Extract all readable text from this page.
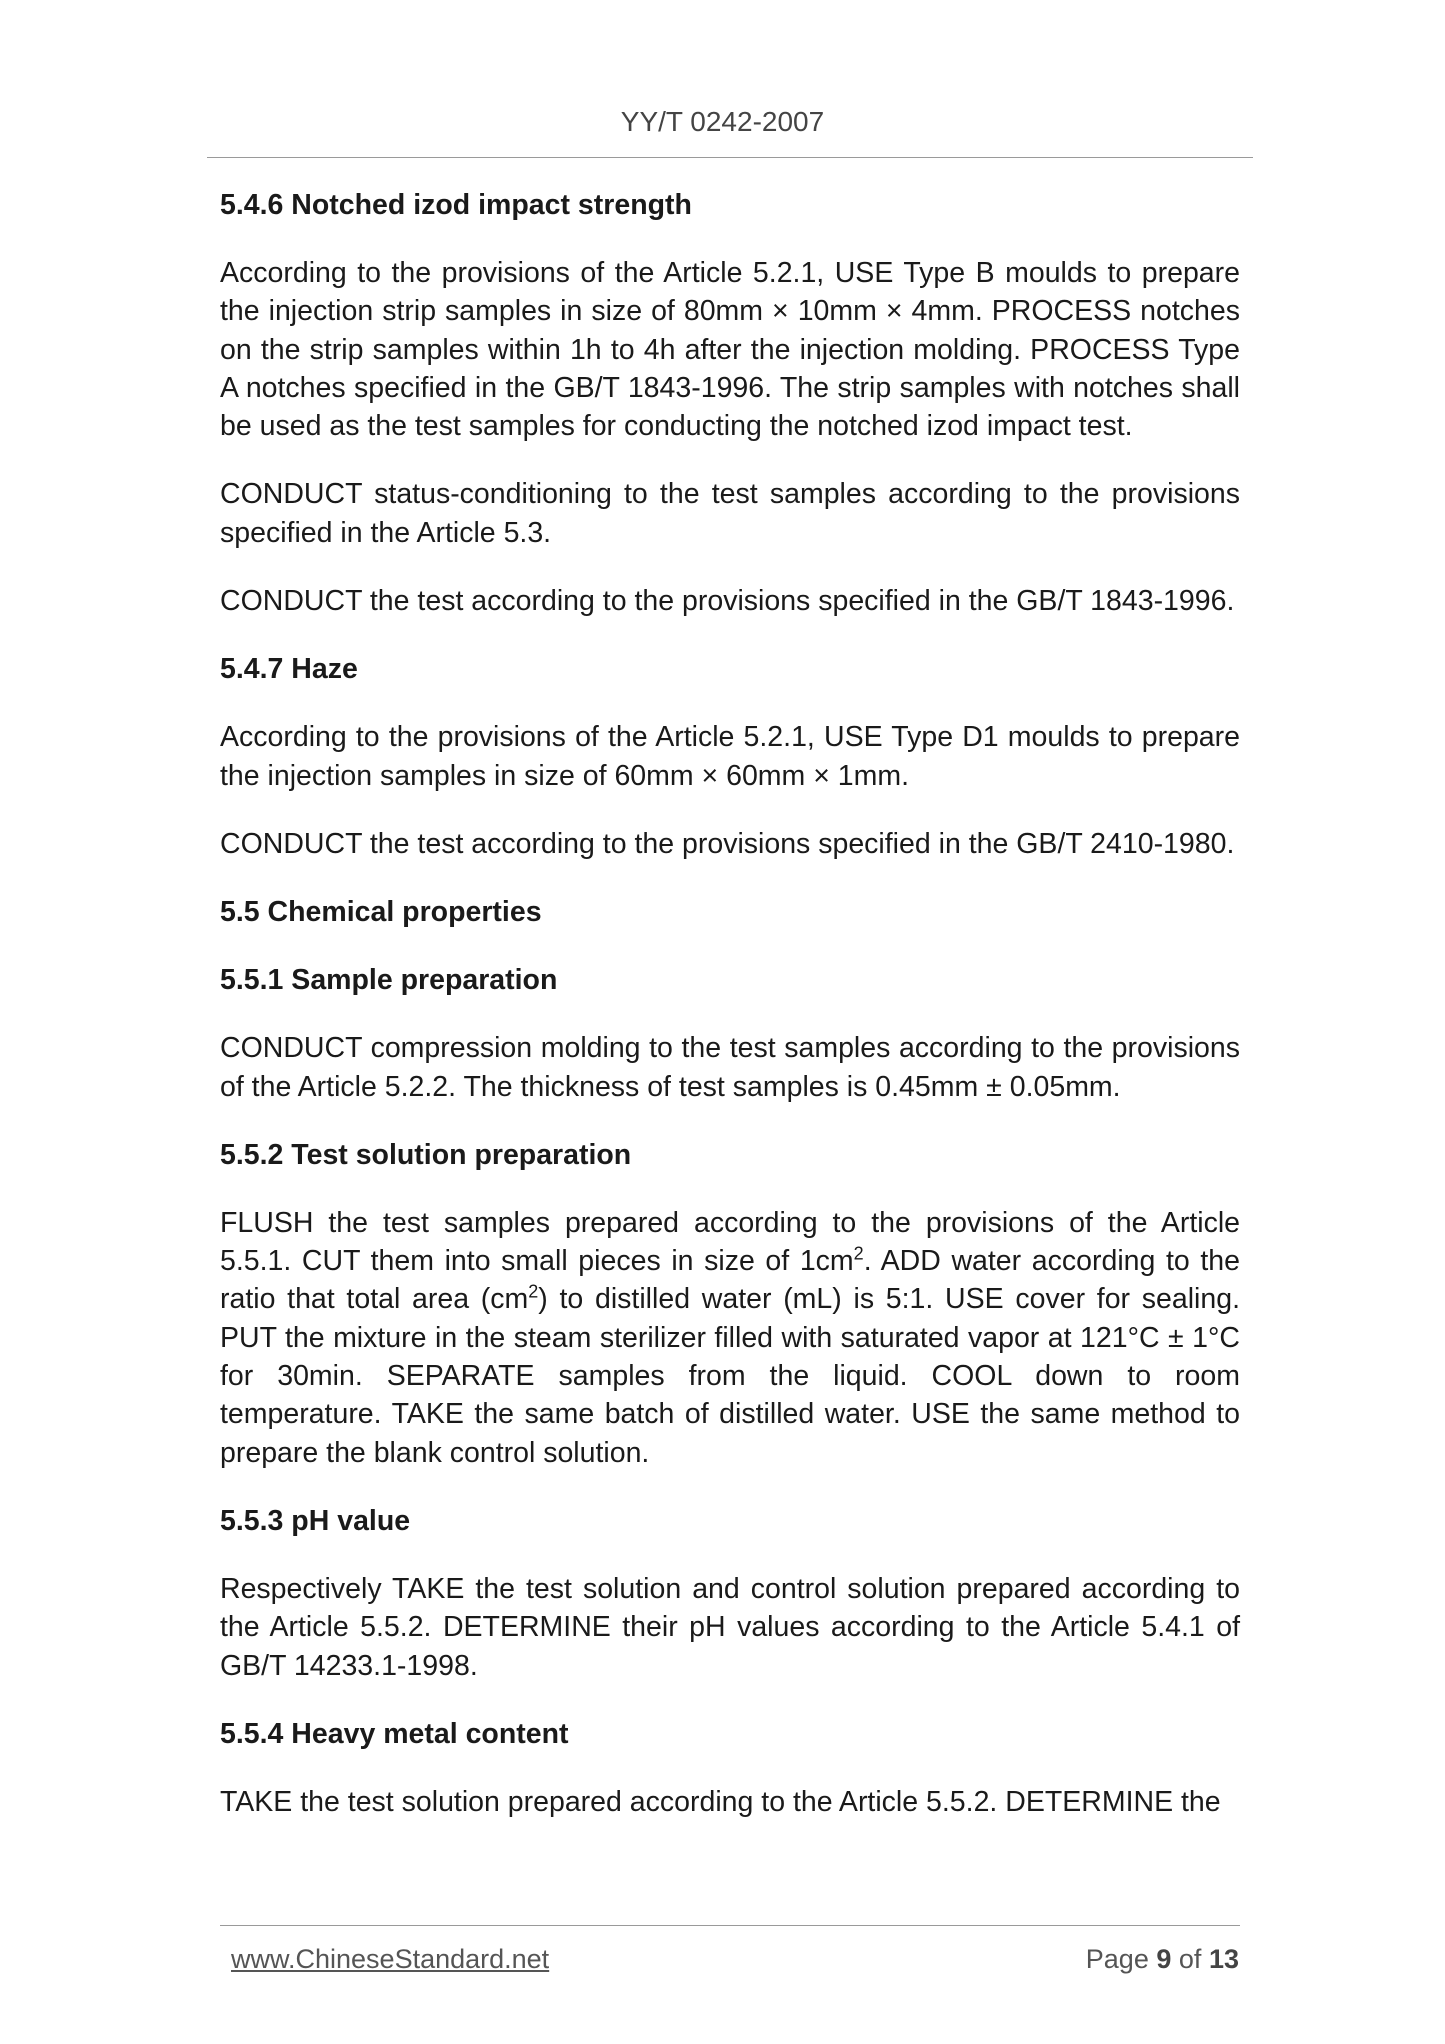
YY/T 0242-2007
5.4.6 Notched izod impact strength
According to the provisions of the Article 5.2.1, USE Type B moulds to prepare the injection strip samples in size of 80mm × 10mm × 4mm. PROCESS notches on the strip samples within 1h to 4h after the injection molding. PROCESS Type A notches specified in the GB/T 1843-1996. The strip samples with notches shall be used as the test samples for conducting the notched izod impact test.
CONDUCT status-conditioning to the test samples according to the provisions specified in the Article 5.3.
CONDUCT the test according to the provisions specified in the GB/T 1843-1996.
5.4.7 Haze
According to the provisions of the Article 5.2.1, USE Type D1 moulds to prepare the injection samples in size of 60mm × 60mm × 1mm.
CONDUCT the test according to the provisions specified in the GB/T 2410-1980.
5.5 Chemical properties
5.5.1 Sample preparation
CONDUCT compression molding to the test samples according to the provisions of the Article 5.2.2. The thickness of test samples is 0.45mm ± 0.05mm.
5.5.2 Test solution preparation
FLUSH the test samples prepared according to the provisions of the Article 5.5.1. CUT them into small pieces in size of $1cm^2$. ADD water according to the ratio that total area $(cm^2)$ to distilled water (mL) is 5:1. USE cover for sealing. PUT the mixture in the steam sterilizer filled with saturated vapor at 121°C ± 1°C for 30min. SEPARATE samples from the liquid. COOL down to room temperature. TAKE the same batch of distilled water. USE the same method to prepare the blank control solution.
5.5.3 pH value
Respectively TAKE the test solution and control solution prepared according to the Article 5.5.2. DETERMINE their pH values according to the Article 5.4.1 of GB/T 14233.1-1998.
5.5.4 Heavy metal content
TAKE the test solution prepared according to the Article 5.5.2. DETERMINE the
www.ChineseStandard.net	Page 9 of 13
